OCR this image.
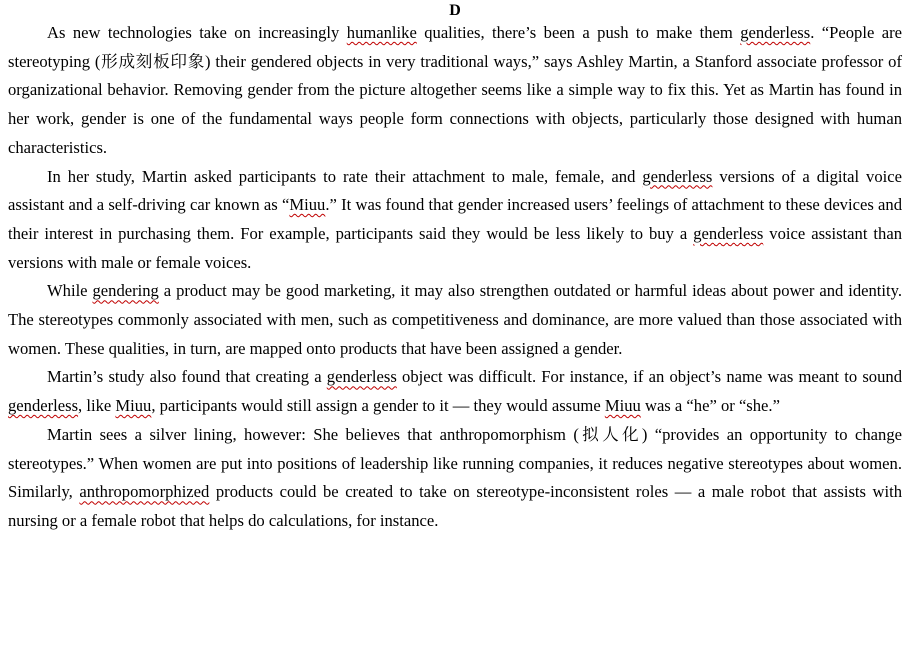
D

As new technologies take on increasingly humanlike qualities, there’s been a push to make them genderless. “People are stereotyping (形成刻板印象) their gendered objects in very traditional ways,” says Ashley Martin, a Stanford associate professor of organizational behavior. Removing gender from the picture altogether seems like a simple way to fix this. Yet as Martin has found in her work, gender is one of the fundamental ways people form connections with objects, particularly those designed with human characteristics.

In her study, Martin asked participants to rate their attachment to male, female, and genderless versions of a digital voice assistant and a self-driving car known as “Miuu.” It was found that gender increased users’ feelings of attachment to these devices and their interest in purchasing them. For example, participants said they would be less likely to buy a genderless voice assistant than versions with male or female voices.

While gendering a product may be good marketing, it may also strengthen outdated or harmful ideas about power and identity. The stereotypes commonly associated with men, such as competitiveness and dominance, are more valued than those associated with women. These qualities, in turn, are mapped onto products that have been assigned a gender.

Martin’s study also found that creating a genderless object was difficult. For instance, if an object’s name was meant to sound genderless, like Miuu, participants would still assign a gender to it — they would assume Miuu was a “he” or “she.”

Martin sees a silver lining, however: She believes that anthropomorphism (拟人化) “provides an opportunity to change stereotypes.” When women are put into positions of leadership like running companies, it reduces negative stereotypes about women. Similarly, anthropomorphized products could be created to take on stereotype-inconsistent roles — a male robot that assists with nursing or a female robot that helps do calculations, for instance.
